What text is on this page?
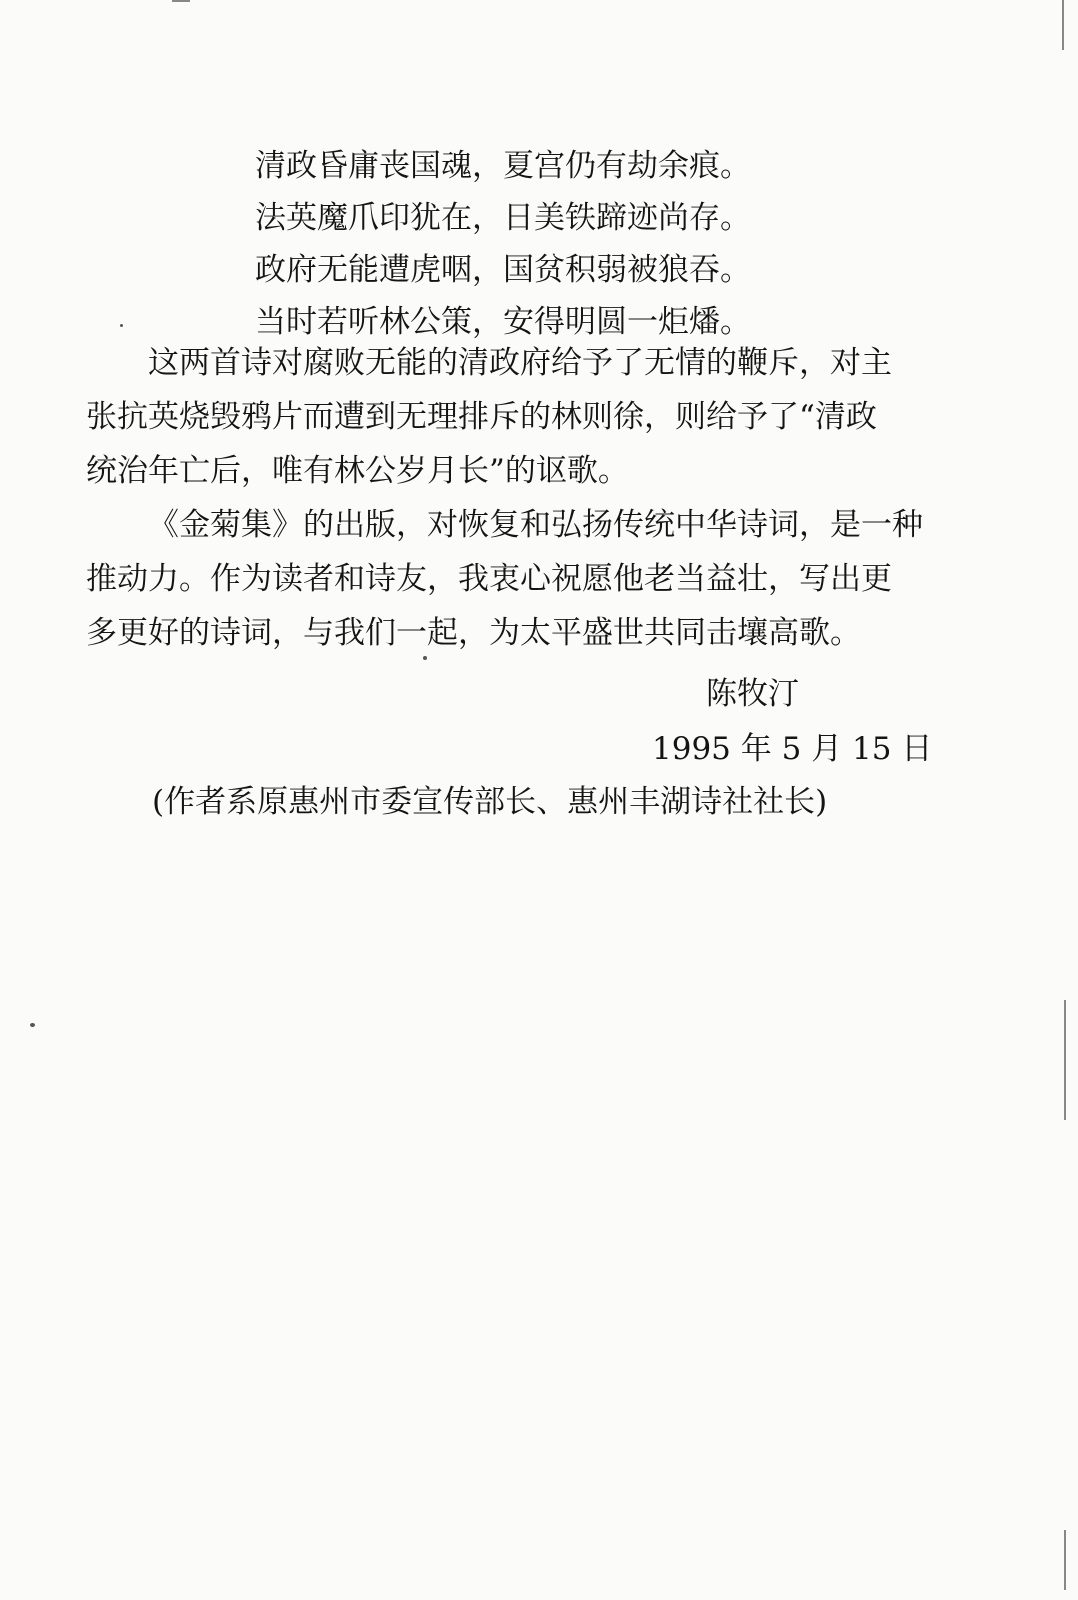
清政昏庸丧国魂，夏宫仍有劫余痕。
法英魔爪印犹在，日美铁蹄迹尚存。
政府无能遭虎咽，国贫积弱被狼吞。
当时若听林公策，安得明圆一炬燔。
这两首诗对腐败无能的清政府给予了无情的鞭斥，对主
张抗英烧毁鸦片而遭到无理排斥的林则徐，则给予了“清政
统治年亡后，唯有林公岁月长”的讴歌。
《金菊集》的出版，对恢复和弘扬传统中华诗词，是一种
推动力。作为读者和诗友，我衷心祝愿他老当益壮，写出更
多更好的诗词，与我们一起，为太平盛世共同击壤高歌。
陈牧汀
1995 年 5 月 15 日
(作者系原惠州市委宣传部长、惠州丰湖诗社社长)
